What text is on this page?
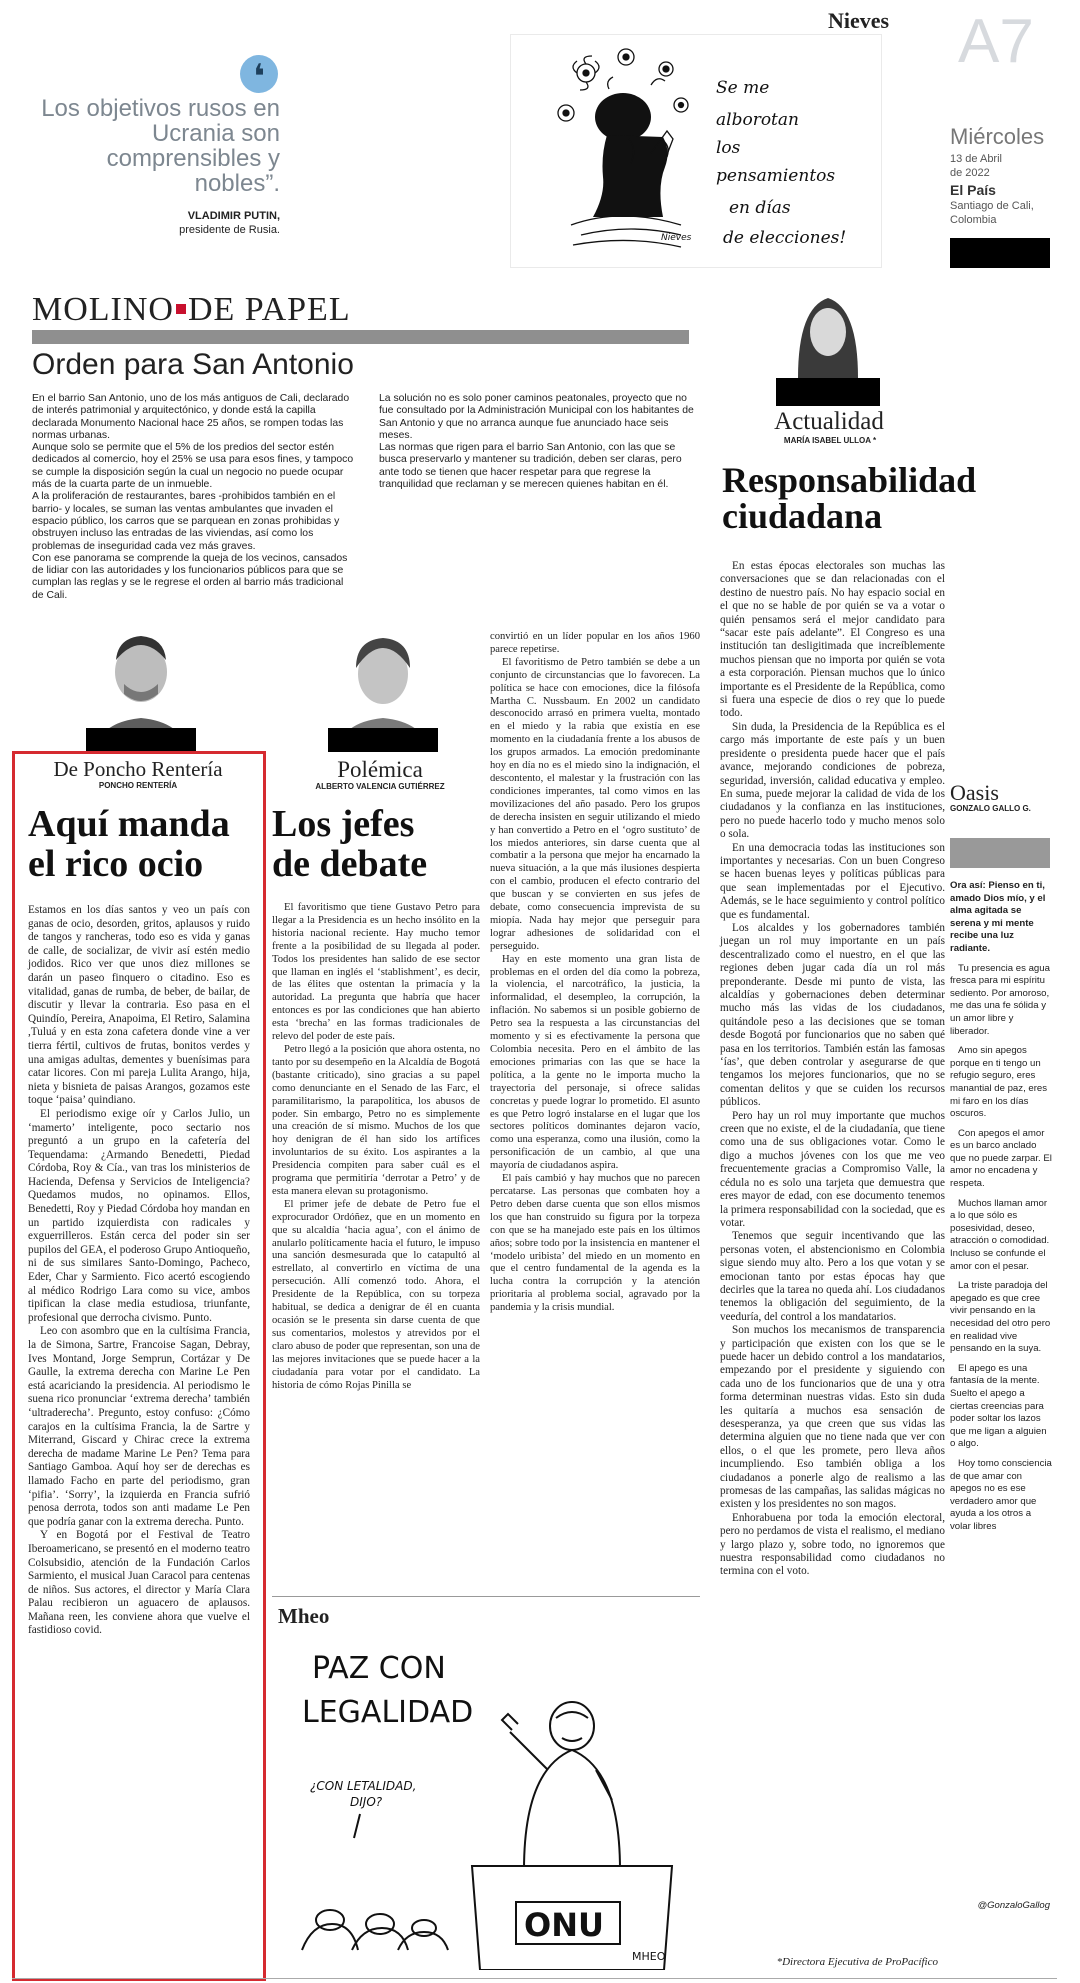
❛
Los objetivos rusos en Ucrania son comprensibles y nobles”.
VLADIMIR PUTIN,
presidente de Rusia.
Nieves
Se me
alborotan
los
pensamientos
en días
de elecciones!
Nieves
A7
Miércoles
13 de Abril
de 2022
El País
Santiago de Cali,
Colombia
MOLINO DE PAPEL
Orden para San Antonio

En el barrio San Antonio, uno de los más antiguos de Cali, declarado de interés patrimonial y arquitectónico, y donde está la capilla declarada Monumento Nacional hace 25 años, se rompen todas las normas urbanas.

Aunque solo se permite que el 5% de los predios del sector estén dedicados al comercio, hoy el 25% se usa para esos fines, y tampoco se cumple la disposición según la cual un negocio no puede ocupar más de la cuarta parte de un inmueble.

A la proliferación de restaurantes, bares -prohibidos también en el barrio- y locales, se suman las ventas ambulantes que invaden el espacio público, los carros que se parquean en zonas prohibidas y obstruyen incluso las entradas de las viviendas, así como los problemas de inseguridad cada vez más graves.

Con ese panorama se comprende la queja de los vecinos, cansados de lidiar con las autoridades y los funcionarios públicos para que se cumplan las reglas y se le regrese el orden al barrio más tradicional de Cali.

La solución no es solo poner caminos peatonales, proyecto que no fue consultado por la Administración Municipal con los habitantes de San Antonio y que no arranca aunque fue anunciado hace seis meses.

Las normas que rigen para el barrio San Antonio, con las que se busca preservarlo y mantener su tradición, deben ser claras, pero ante todo se tienen que hacer respetar para que regrese la tranquilidad que reclaman y se merecen quienes habitan en él.

Actualidad
MARÍA ISABEL ULLOA *
Responsabilidad
ciudadana

En estas épocas electorales son muchas las conversaciones que se dan relacionadas con el destino de nuestro país. No hay espacio social en el que no se hable de por quién se va a votar o quién pensamos será el mejor candidato para “sacar este país adelante”. El Congreso es una institución tan desligitimada que increíblemente muchos piensan que no importa por quién se vota a esta corporación. Piensan muchos que lo único importante es el Presidente de la República, como si fuera una especie de dios o rey que lo puede todo.

Sin duda, la Presidencia de la República es el cargo más importante de este país y un buen presidente o presidenta puede hacer que el país avance, mejorando condiciones de pobreza, seguridad, inversión, calidad educativa y empleo. En suma, puede mejorar la calidad de vida de los ciudadanos y la confianza en las instituciones, pero no puede hacerlo todo y mucho menos solo o sola.

En una democracia todas las instituciones son importantes y necesarias. Con un buen Congreso se hacen buenas leyes y políticas públicas para que sean implementadas por el Ejecutivo. Además, se le hace seguimiento y control político que es fundamental.

Los alcaldes y los gobernadores también juegan un rol muy importante en un país descentralizado como el nuestro, en el que las regiones deben jugar cada día un rol más preponderante. Desde mi punto de vista, las alcaldías y gobernaciones deben determinar mucho más las vidas de los ciudadanos, quitándole peso a las decisiones que se toman desde Bogotá por funcionarios que no saben qué pasa en los territorios. También están las famosas ‘ías’, que deben controlar y asegurarse de que tengamos los mejores funcionarios, que no se comentan delitos y que se cuiden los recursos públicos.

Pero hay un rol muy importante que muchos creen que no existe, el de la ciudadanía, que tiene como una de sus obligaciones votar. Como le digo a muchos jóvenes con los que me veo frecuentemente gracias a Compromiso Valle, la cédula no es solo una tarjeta que demuestra que eres mayor de edad, con ese documento tenemos la primera responsabilidad con la sociedad, que es votar.

Tenemos que seguir incentivando que las personas voten, el abstencionismo en Colombia sigue siendo muy alto. Pero a los que votan y se emocionan tanto por estas épocas hay que decirles que la tarea no queda ahí. Los ciudadanos tenemos la obligación del seguimiento, de la veeduría, del control a los mandatarios.

Son muchos los mecanismos de transparencia y participación que existen con los que se le puede hacer un debido control a los mandatarios, empezando por el presidente y siguiendo con cada uno de los funcionarios que de una y otra forma determinan nuestras vidas. Esto sin duda les quitaría a muchos esa sensación de desesperanza, ya que creen que sus vidas las determina alguien que no tiene nada que ver con ellos, o el que les promete, pero lleva años incumpliendo. Eso también obliga a los ciudadanos a ponerle algo de realismo a las promesas de las campañas, las salidas mágicas no existen y los presidentes no son magos.

Enhorabuena por toda la emoción electoral, pero no perdamos de vista el realismo, el mediano y largo plazo y, sobre todo, no ignoremos que nuestra responsabilidad como ciudadanos no termina con el voto.

*Directora Ejecutiva de ProPacífico
Oasis
GONZALO GALLO G.

Ora así: Pienso en ti, amado Dios mío, y el alma agitada se serena y mi mente recibe una luz radiante.

Tu presencia es agua fresca para mi espíritu sediento. Por amoroso, me das una fe sólida y un amor libre y liberador.

Amo sin apegos porque en ti tengo un refugio seguro, eres manantial de paz, eres mi faro en los días oscuros.

Con apegos el amor es un barco anclado que no puede zarpar. El amor no encadena y respeta.

Muchos llaman amor a lo que sólo es posesividad, deseo, atracción o comodidad. Incluso se confunde el amor con el pesar.

La triste paradoja del apegado es que cree vivir pensando en la necesidad del otro pero en realidad vive pensando en la suya.

El apego es una fantasía de la mente. Suelto el apego a ciertas creencias para poder soltar los lazos que me ligan a alguien o algo.

Hoy tomo consciencia de que amar con apegos no es ese verdadero amor que ayuda a los otros a volar libres

@GonzaloGallog
De Poncho Rentería
PONCHO RENTERÍA
Aquí manda
el rico ocio

Estamos en los días santos y veo un país con ganas de ocio, desorden, gritos, aplausos y ruido de tangos y rancheras, todo eso es vida y ganas de calle, de socializar, de vivir así estén medio jodidos. Rico ver que unos diez millones se darán un paseo finquero o citadino. Eso es vitalidad, ganas de rumba, de beber, de bailar, de discutir y llevar la contraria. Eso pasa en el Quindío, Pereira, Anapoima, El Retiro, Salamina ,Tuluá y en esta zona cafetera donde vine a ver tierra fértil, cultivos de frutas, bonitos verdes y una amigas adultas, dementes y buenísimas para catar licores. Con mi pareja Lulita Arango, hija, nieta y bisnieta de paisas Arangos, gozamos este toque ‘paisa’ quindiano.

El periodismo exige oír y Carlos Julio, un ‘mamerto’ inteligente, poco sectario nos preguntó a un grupo en la cafetería del Tequendama: ¿Armando Benedetti, Piedad Córdoba, Roy & Cía., van tras los ministerios de Hacienda, Defensa y Servicios de Inteligencia? Quedamos mudos, no opinamos. Ellos, Benedetti, Roy y Piedad Córdoba hoy mandan en un partido izquierdista con radicales y exguerrilleros. Están cerca del poder sin ser pupilos del GEA, el poderoso Grupo Antioqueño, ni de sus similares Santo-Domingo, Pacheco, Eder, Char y Sarmiento. Fico acertó escogiendo al médico Rodrigo Lara como su vice, ambos tipifican la clase media estudiosa, triunfante, profesional que derrocha civismo. Punto.

Leo con asombro que en la cultísima Francia, la de Simona, Sartre, Francoise Sagan, Debray, Ives Montand, Jorge Semprun, Cortázar y De Gaulle, la extrema derecha con Marine Le Pen está acariciando la presidencia. Al periodismo le suena rico pronunciar ‘extrema derecha’ también ‘ultraderecha’. Pregunto, estoy confuso: ¿Cómo carajos en la cultísima Francia, la de Sartre y Miterrand, Giscard y Chirac crece la extrema derecha de madame Marine Le Pen? Tema para Santiago Gamboa. Aquí hoy ser de derechas es llamado Facho en parte del periodismo, gran ‘pifia’. ‘Sorry’, la izquierda en Francia sufrió penosa derrota, todos son anti madame Le Pen que podría ganar con la extrema derecha. Punto.

Y en Bogotá por el Festival de Teatro Iberoamericano, se presentó en el moderno teatro Colsubsidio, atención de la Fundación Carlos Sarmiento, el musical Juan Caracol para centenas de niños. Sus actores, el director y María Clara Palau recibieron un aguacero de aplausos. Mañana reen, les conviene ahora que vuelve el fastidioso covid.

Polémica
ALBERTO VALENCIA GUTIÉRREZ
Los jefes
de debate

El favoritismo que tiene Gustavo Petro para llegar a la Presidencia es un hecho insólito en la historia nacional reciente. Hay mucho temor frente a la posibilidad de su llegada al poder. Todos los presidentes han salido de ese sector que llaman en inglés el ‘stablishment’, es decir, de las élites que ostentan la primacía y la autoridad. La pregunta que habría que hacer entonces es por las condiciones que han abierto esta ‘brecha’ en las formas tradicionales de relevo del poder de este país.

Petro llegó a la posición que ahora ostenta, no tanto por su desempeño en la Alcaldía de Bogotá (bastante criticado), sino gracias a su papel como denunciante en el Senado de las Farc, el paramilitarismo, la parapolítica, los abusos de poder. Sin embargo, Petro no es simplemente una creación de sí mismo. Muchos de los que hoy denigran de él han sido los artífices involuntarios de su éxito. Los aspirantes a la Presidencia compiten para saber cuál es el programa que permitiría ‘derrotar a Petro’ y de esta manera elevan su protagonismo.

El primer jefe de debate de Petro fue el exprocurador Ordóñez, que en un momento en que su alcaldía ‘hacia agua’, con el ánimo de anularlo políticamente hacia el futuro, le impuso una sanción desmesurada que lo catapultó al estrellato, al convertirlo en víctima de una persecución. Allí comenzó todo. Ahora, el Presidente de la República, con su torpeza habitual, se dedica a denigrar de él en cuanta ocasión se le presenta sin darse cuenta de que sus comentarios, molestos y atrevidos por el claro abuso de poder que representan, son una de las mejores invitaciones que se puede hacer a la ciudadanía para votar por el candidato. La historia de cómo Rojas Pinilla se

convirtió en un líder popular en los años 1960 parece repetirse.

El favoritismo de Petro también se debe a un conjunto de circunstancias que lo favorecen. La política se hace con emociones, dice la filósofa Martha C. Nussbaum. En 2002 un candidato desconocido arrasó en primera vuelta, montado en el miedo y la rabia que existía en ese momento en la ciudadanía frente a los abusos de los grupos armados. La emoción predominante hoy en día no es el miedo sino la indignación, el descontento, el malestar y la frustración con las condiciones imperantes, tal como vimos en las movilizaciones del año pasado. Pero los grupos de derecha insisten en seguir utilizando el miedo y han convertido a Petro en el ‘ogro sustituto’ de los miedos anteriores, sin darse cuenta que al combatir a la persona que mejor ha encarnado la nueva situación, a la que más ilusiones despierta con el cambio, producen el efecto contrario del que buscan y se convierten en sus jefes de debate, como consecuencia imprevista de su miopía. Nada hay mejor que perseguir para lograr adhesiones de solidaridad con el perseguido.

Hay en este momento una gran lista de problemas en el orden del día como la pobreza, la violencia, el narcotráfico, la justicia, la informalidad, el desempleo, la corrupción, la inflación. No sabemos si un posible gobierno de Petro sea la respuesta a las circunstancias del momento y si es efectivamente la persona que Colombia necesita. Pero en el ámbito de las emociones primarias con las que se hace la política, a la gente no le importa mucho la trayectoria del personaje, si ofrece salidas concretas y puede lograr lo prometido. El asunto es que Petro logró instalarse en el lugar que los sectores políticos dominantes dejaron vacío, como una esperanza, como una ilusión, como la personificación de un cambio, al que una mayoría de ciudadanos aspira.

El país cambió y hay muchos que no parecen percatarse. Las personas que combaten hoy a Petro deben darse cuenta que son ellos mismos los que han construido su figura por la torpeza con que se ha manejado este país en los últimos años; sobre todo por la insistencia en mantener el ‘modelo uribista’ del miedo en un momento en que el centro fundamental de la agenda es la lucha contra la corrupción y la atención prioritaria al problema social, agravado por la pandemia y la crisis mundial.

Mheo
PAZ CON
LEGALIDAD
¿CON LETALIDAD,
DIJO?
ONU
MHEO
